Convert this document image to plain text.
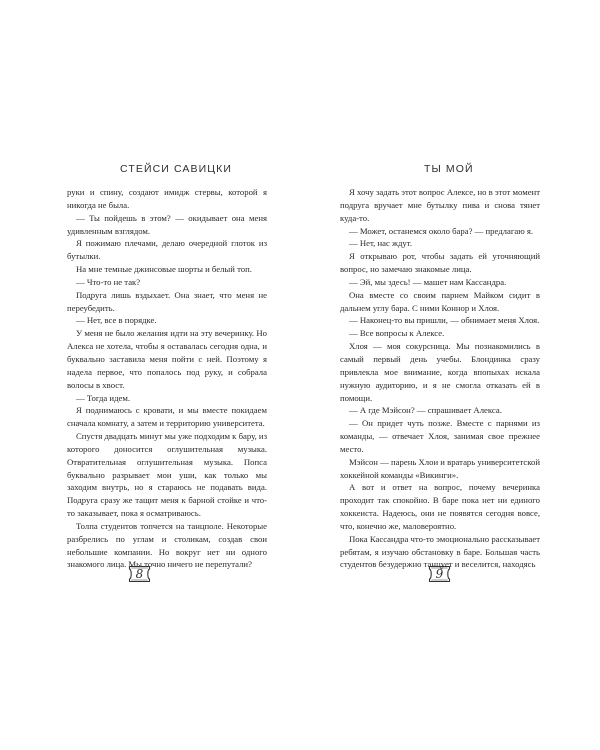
СТЕЙСИ САВИЦКИ

руки и спину, создают имидж стервы, которой я никогда не была.

— Ты пойдешь в этом? — окидывает она меня удивленным взглядом.

Я пожимаю плечами, делаю очередной глоток из бутылки.

На мне темные джинсовые шорты и белый топ.

— Что-то не так?

Подруга лишь вздыхает. Она знает, что меня не переубедить.

— Нет, все в порядке.

У меня не было желания идти на эту вечеринку. Но Алекса не хотела, чтобы я оставалась сегодня одна, и буквально заставила меня пойти с ней. Поэтому я надела первое, что попалось под руку, и собрала волосы в хвост.

— Тогда идем.

Я поднимаюсь с кровати, и мы вместе покидаем сначала комнату, а затем и территорию университета.

Спустя двадцать минут мы уже подходим к бару, из которого доносится оглушительная музыка. Отвратительная оглушительная музыка. Попса буквально разрывает мои уши, как только мы заходим внутрь, но я стараюсь не подавать вида. Подруга сразу же тащит меня к барной стойке и что-то заказывает, пока я осматриваюсь.

Толпа студентов топчется на танцполе. Некоторые разбрелись по углам и столикам, создав свои небольшие компании. Но вокруг нет ни одного знакомого лица. Мы точно ничего не перепутали?

8
ТЫ МОЙ

Я хочу задать этот вопрос Алексе, но в этот момент подруга вручает мне бутылку пива и снова тянет куда-то.

— Может, останемся около бара? — предлагаю я.

— Нет, нас ждут.

Я открываю рот, чтобы задать ей уточняющий вопрос, но замечаю знакомые лица.

— Эй, мы здесь! — машет нам Кассандра.

Она вместе со своим парнем Майком сидит в дальнем углу бара. С ними Коннор и Хлоя.

— Наконец-то вы пришли, — обнимает меня Хлоя.

— Все вопросы к Алексе.

Хлоя — моя сокурсница. Мы познакомились в самый первый день учебы. Блондинка сразу привлекла мое внимание, когда впопыхах искала нужную аудиторию, и я не смогла отказать ей в помощи.

— А где Мэйсон? — спрашивает Алекса.

— Он придет чуть позже. Вместе с парнями из команды, — отвечает Хлоя, занимая свое прежнее место.

Мэйсон — парень Хлои и вратарь университетской хоккейной команды «Викинги».

А вот и ответ на вопрос, почему вечеринка проходит так спокойно. В баре пока нет ни единого хоккеиста. Надеюсь, они не появятся сегодня вовсе, что, конечно же, маловероятно.

Пока Кассандра что-то эмоционально рассказывает ребятам, я изучаю обстановку в баре. Большая часть студентов безудержно танцует и веселится, находясь

9
